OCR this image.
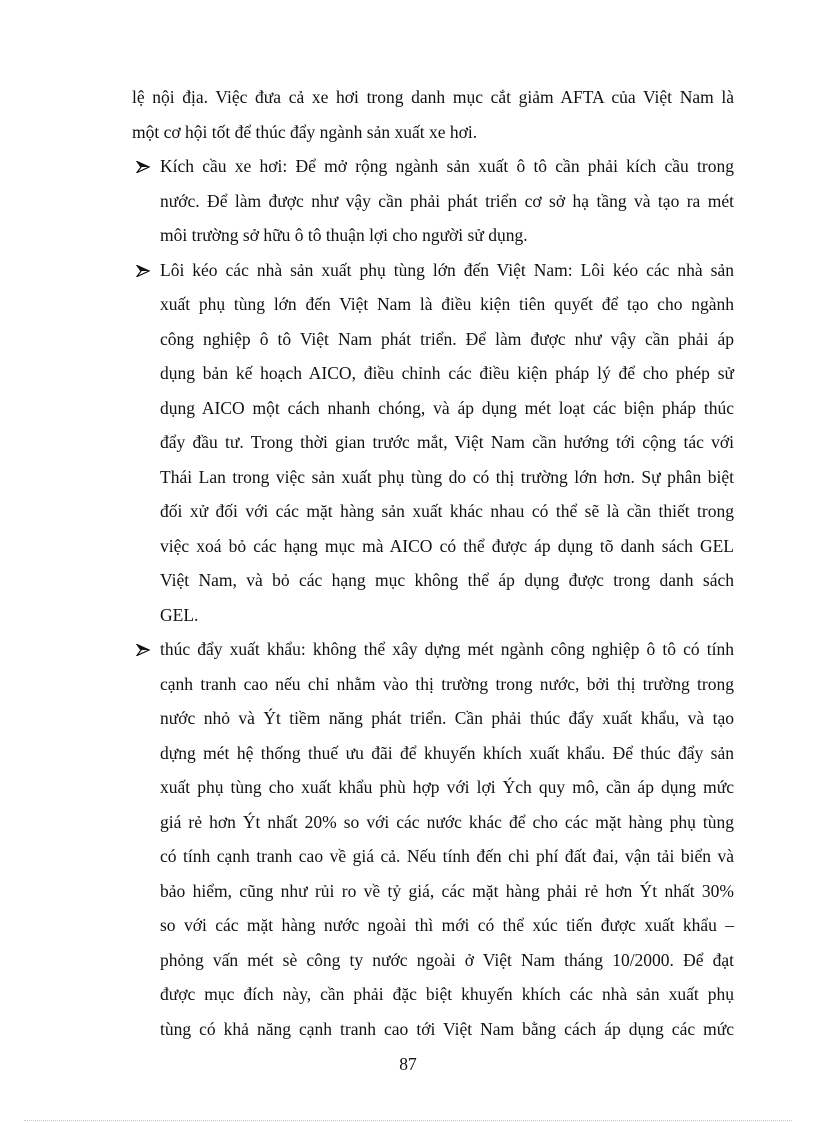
lệ nội địa. Việc đưa cả xe hơi trong danh mục cắt giảm AFTA của Việt Nam là
một cơ hội tốt để thúc đẩy ngành sản xuất xe hơi.

Kích cầu xe hơi: Để mở rộng ngành sản xuất ô tô cần phải kích cầu trong
nước. Để làm được như vậy cần phải phát triển cơ sở hạ tầng và tạo ra mét
môi trường sở hữu ô tô thuận lợi cho người sử dụng.

Lôi kéo các nhà sản xuất phụ tùng lớn đến Việt Nam: Lôi kéo các nhà sản
xuất phụ tùng lớn đến Việt Nam là điều kiện tiên quyết để tạo cho ngành
công nghiệp ô tô Việt Nam phát triển. Để làm được như vậy cần phải áp
dụng bản kế hoạch AICO, điều chỉnh các điều kiện pháp lý để cho phép sử
dụng AICO một cách nhanh chóng, và áp dụng mét loạt các biện pháp thúc
đẩy đầu tư. Trong thời gian trước mắt, Việt Nam cần hướng tới cộng tác với
Thái Lan trong việc sản xuất phụ tùng do có thị trường lớn hơn. Sự phân biệt
đối xử đối với các mặt hàng sản xuất khác nhau có thể sẽ là cần thiết trong
việc xoá bỏ các hạng mục mà AICO có thể được áp dụng tõ danh sách GEL
Việt Nam, và bỏ các hạng mục không thể áp dụng được trong danh sách
GEL.

thúc đẩy xuất khẩu: không thể xây dựng mét ngành công nghiệp ô tô có tính
cạnh tranh cao nếu chỉ nhằm vào thị trường trong nước, bởi thị trường trong
nước nhỏ và Ýt tiềm năng phát triển. Cần phải thúc đẩy xuất khẩu, và tạo
dựng mét hệ thống thuế ưu đãi để khuyến khích xuất khẩu. Để thúc đẩy sản
xuất phụ tùng cho xuất khẩu phù hợp với lợi Ých quy mô, cần áp dụng mức
giá rẻ hơn Ýt nhất 20% so với các nước khác để cho các mặt hàng phụ tùng
có tính cạnh tranh cao về giá cả. Nếu tính đến chi phí đất đai, vận tải biển và
bảo hiểm, cũng như rủi ro về tỷ giá, các mặt hàng phải rẻ hơn Ýt nhất 30%
so với các mặt hàng nước ngoài thì mới có thể xúc tiến được xuất khẩu –
phỏng vấn mét sè công ty nước ngoài ở Việt Nam tháng 10/2000. Để đạt
được mục đích này, cần phải đặc biệt khuyến khích các nhà sản xuất phụ
tùng có khả năng cạnh tranh cao tới Việt Nam bằng cách áp dụng các mức

87
